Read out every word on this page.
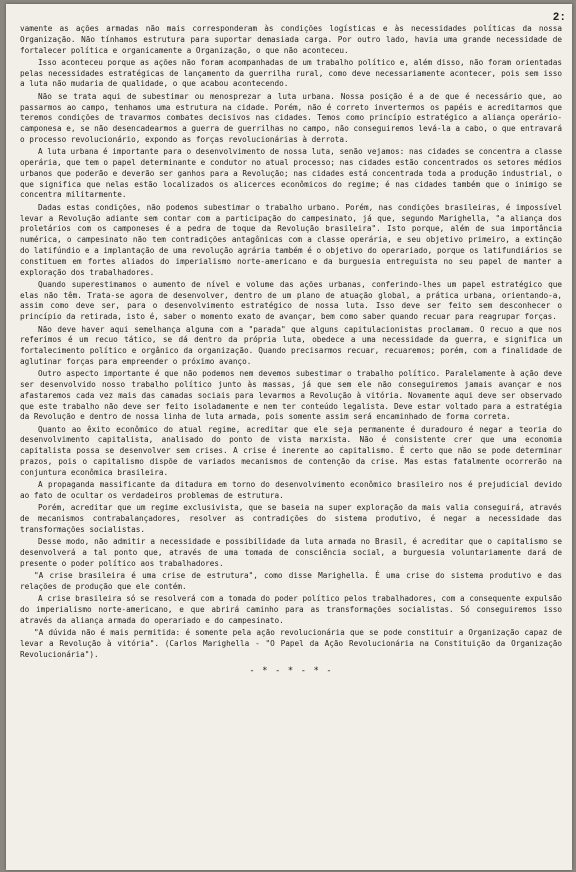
2:

vamente as ações armadas não mais corresponderam às condições logísticas e às necessidades políticas da nossa Organização. Não tínhamos estrutura para suportar demasiada carga. Por outro lado, havia uma grande necessidade de fortalecer política e organicamente a Organização, o que não aconteceu.

Isso aconteceu porque as ações não foram acompanhadas de um trabalho político e, além disso, não foram orientadas pelas necessidades estratégicas de lançamento da guerrilha rural, como deve necessariamente acontecer, pois sem isso a luta não mudaria de qualidade, o que acabou acontecendo.

Não se trata aqui de subestimar ou menosprezar a luta urbana. Nossa posição é a de que é necessário que, ao passarmos ao campo, tenhamos uma estrutura na cidade. Porém, não é correto invertermos os papéis e acreditarmos que teremos condições de travarmos combates decisivos nas cidades. Temos como princípio estratégico a aliança operário-camponesa e, se não desencadearmos a guerra de guerrilhas no campo, não conseguiremos levá-la a cabo, o que entravará o processo revolucionário, expondo as forças revolucionárias à derrota.

A luta urbana é importante para o desenvolvimento de nossa luta, senão vejamos: nas cidades se concentra a classe operária, que tem o papel determinante e condutor no atual processo; nas cidades estão concentrados os setores médios urbanos que poderão e deverão ser ganhos para a Revolução; nas cidades está concentrada toda a produção industrial, o que significa que nelas estão localizados os alicerces econômicos do regime; é nas cidades também que o inimigo se concentra militarmente.

Dadas estas condições, não podemos subestimar o trabalho urbano. Porém, nas condições brasileiras, é impossível levar a Revolução adiante sem contar com a participação do campesinato, já que, segundo Marighella, "a aliança dos proletários com os camponeses é a pedra de toque da Revolução brasileira". Isto porque, além de sua importância numérica, o campesinato não tem contradições antagônicas com a classe operária, e seu objetivo primeiro, a extinção do latifúndio e a implantação de uma revolução agrária também é o objetivo do operariado, porque os latifundiários se constituem em fortes aliados do imperialismo norte-americano e da burguesia entreguista no seu papel de manter a exploração dos trabalhadores.

Quando superestimamos o aumento de nível e volume das ações urbanas, conferindo-lhes um papel estratégico que elas não têm. Trata-se agora de desenvolver, dentro de um plano de atuação global, a prática urbana, orientando-a, assim como deve ser, para o desenvolvimento estratégico de nossa luta. Isso deve ser feito sem desconhecer o princípio da retirada, isto é, saber o momento exato de avançar, bem como saber quando recuar para reagrupar forças.

Não deve haver aqui semelhança alguma com a "parada" que alguns capitulacionistas proclamam. O recuo a que nos referimos é um recuo tático, se dá dentro da própria luta, obedece a uma necessidade da guerra, e significa um fortalecimento político e orgânico da organização. Quando precisarmos recuar, recuaremos; porém, com a finalidade de aglutinar forças para empreender o próximo avanço.

Outro aspecto importante é que não podemos nem devemos subestimar o trabalho político. Paralelamente à ação deve ser desenvolvido nosso trabalho político junto às massas, já que sem ele não conseguiremos jamais avançar e nos afastaremos cada vez mais das camadas sociais para levarmos a Revolução à vitória. Novamente aqui deve ser observado que este trabalho não deve ser feito isoladamente e nem ter conteúdo legalista. Deve estar voltado para a estratégia da Revolução e dentro de nossa linha de luta armada, pois somente assim será encaminhado de forma correta.

Quanto ao êxito econômico do atual regime, acreditar que ele seja permanente é duradouro é negar a teoria do desenvolvimento capitalista, analisado do ponto de vista marxista. Não é consistente crer que uma economia capitalista possa se desenvolver sem crises. A crise é inerente ao capitalismo. É certo que não se pode determinar prazos, pois o capitalismo dispõe de variados mecanismos de contenção da crise. Mas estas fatalmente ocorrerão na conjuntura econômica brasileira.

A propaganda massificante da ditadura em torno do desenvolvimento econômico brasileiro nos é prejudicial devido ao fato de ocultar os verdadeiros problemas de estrutura.

Porém, acreditar que um regime exclusivista, que se baseia na super exploração da mais valia conseguirá, através de mecanismos contrabalançadores, resolver as contradições do sistema produtivo, é negar a necessidade das transformações socialistas.

Desse modo, não admitir a necessidade e possibilidade da luta armada no Brasil, é acreditar que o capitalismo se desenvolverá a tal ponto que, através de uma tomada de consciência social, a burguesia voluntariamente dará de presente o poder político aos trabalhadores.

"A crise brasileira é uma crise de estrutura", como disse Marighella. É uma crise do sistema produtivo e das relações de produção que ele contém.

A crise brasileira só se resolverá com a tomada do poder político pelos trabalhadores, com a consequente expulsão do imperialismo norte-americano, e que abrirá caminho para as transformações socialistas. Só conseguiremos isso através da aliança armada do operariado e do campesinato.

"A dúvida não é mais permitida: é somente pela ação revolucionária que se pode constituir a Organização capaz de levar a Revolução à vitória". (Carlos Marighella - "O Papel da Ação Revolucionária na Constituição da Organização Revolucionária").

- * - * - * -
